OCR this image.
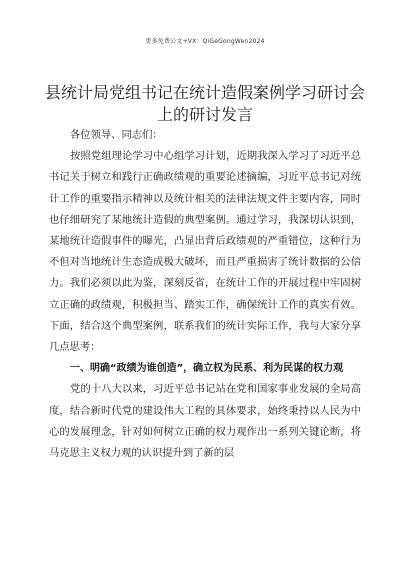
更多免费公文+VX：QiGeGongWen2024
县统计局党组书记在统计造假案例学习研讨会上的研讨发言

各位领导、同志们：

按照党组理论学习中心组学习计划，近期我深入学习了习近平总书记关于树立和践行正确政绩观的重要论述摘编，习近平总书记对统计工作的重要指示精神以及统计相关的法律法规文件主要内容，同时也仔细研究了某地统计造假的典型案例。通过学习，我深切认识到，某地统计造假事件的曝光，凸显出背后政绩观的严重错位，这种行为不但对当地统计生态造成极大破坏，而且严重损害了统计数据的公信力。我们必须以此为鉴，深刻反省，在统计工作的开展过程中牢固树立正确的政绩观，积极担当、踏实工作，确保统计工作的真实有效。下面，结合这个典型案例，联系我们的统计实际工作，我与大家分享几点思考：

一、明确“政绩为谁创造”，确立权为民系、利为民谋的权力观

党的十八大以来，习近平总书记站在党和国家事业发展的全局高度，结合新时代党的建设伟大工程的具体要求，始终秉持以人民为中心的发展理念，针对如何树立正确的权力观作出一系列关键论断，将马克思主义权力观的认识提升到了新的层
